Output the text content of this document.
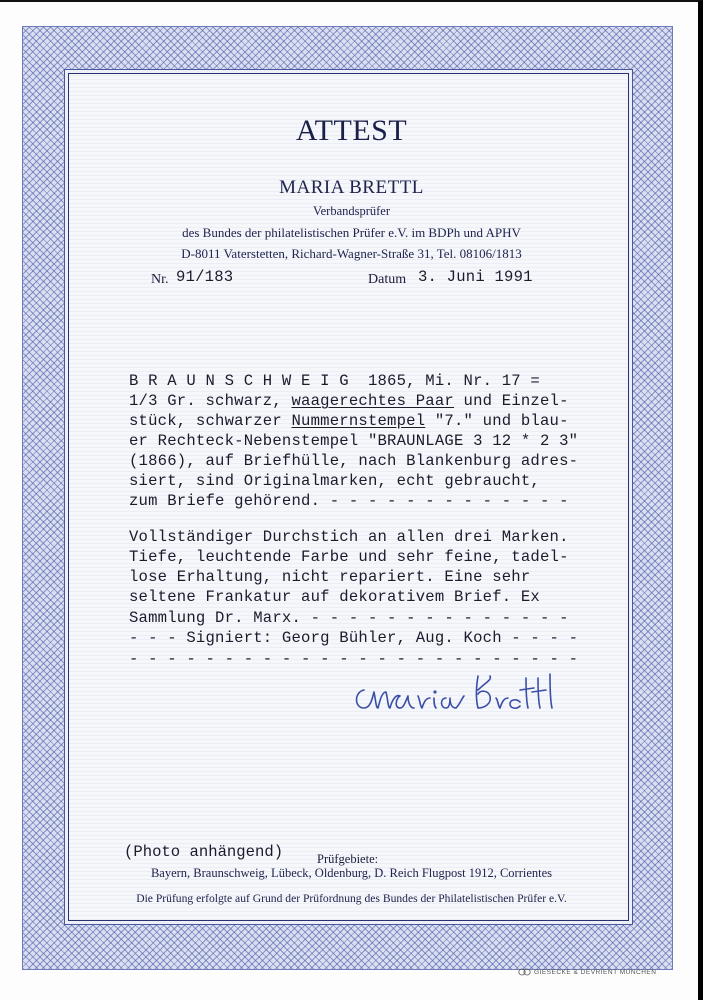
ATTEST
MARIA BRETTL
Verbandsprüfer
des Bundes der philatelistischen Prüfer e.V. im BDPh und APHV
D-8011 Vaterstetten, Richard-Wagner-Straße 31, Tel. 08106/1813
Nr. 91/183	Datum 3. Juni 1991
B R A U N S C H W E I G  1865, Mi. Nr. 17 =
1/3 Gr. schwarz, waagerechtes Paar und Einzel-
stück, schwarzer Nummernstempel "7." und blau-
er Rechteck-Nebenstempel "BRAUNLAGE 3 12 * 2 3"
(1866), auf Briefhülle, nach Blankenburg adres-
siert, sind Originalmarken, echt gebraucht,
zum Briefe gehörend. - - - - - - - - - - - - -
Vollständiger Durchstich an allen drei Marken.
Tiefe, leuchtende Farbe und sehr feine, tadel-
lose Erhaltung, nicht repariert. Eine sehr
seltene Frankatur auf dekorativem Brief. Ex
Sammlung Dr. Marx. - - - - - - - - - - - - - -
- - - Signiert: Georg Bühler, Aug. Koch - - - -
- - - - - - - - - - - - - - - - - - - - - - - -
(Photo anhängend)	Prüfgebiete:
Bayern, Braunschweig, Lübeck, Oldenburg, D. Reich Flugpost 1912, Corrientes
Die Prüfung erfolgte auf Grund der Prüfordnung des Bundes der Philatelistischen Prüfer e.V.
GIESECKE & DEVRIENT MÜNCHEN
